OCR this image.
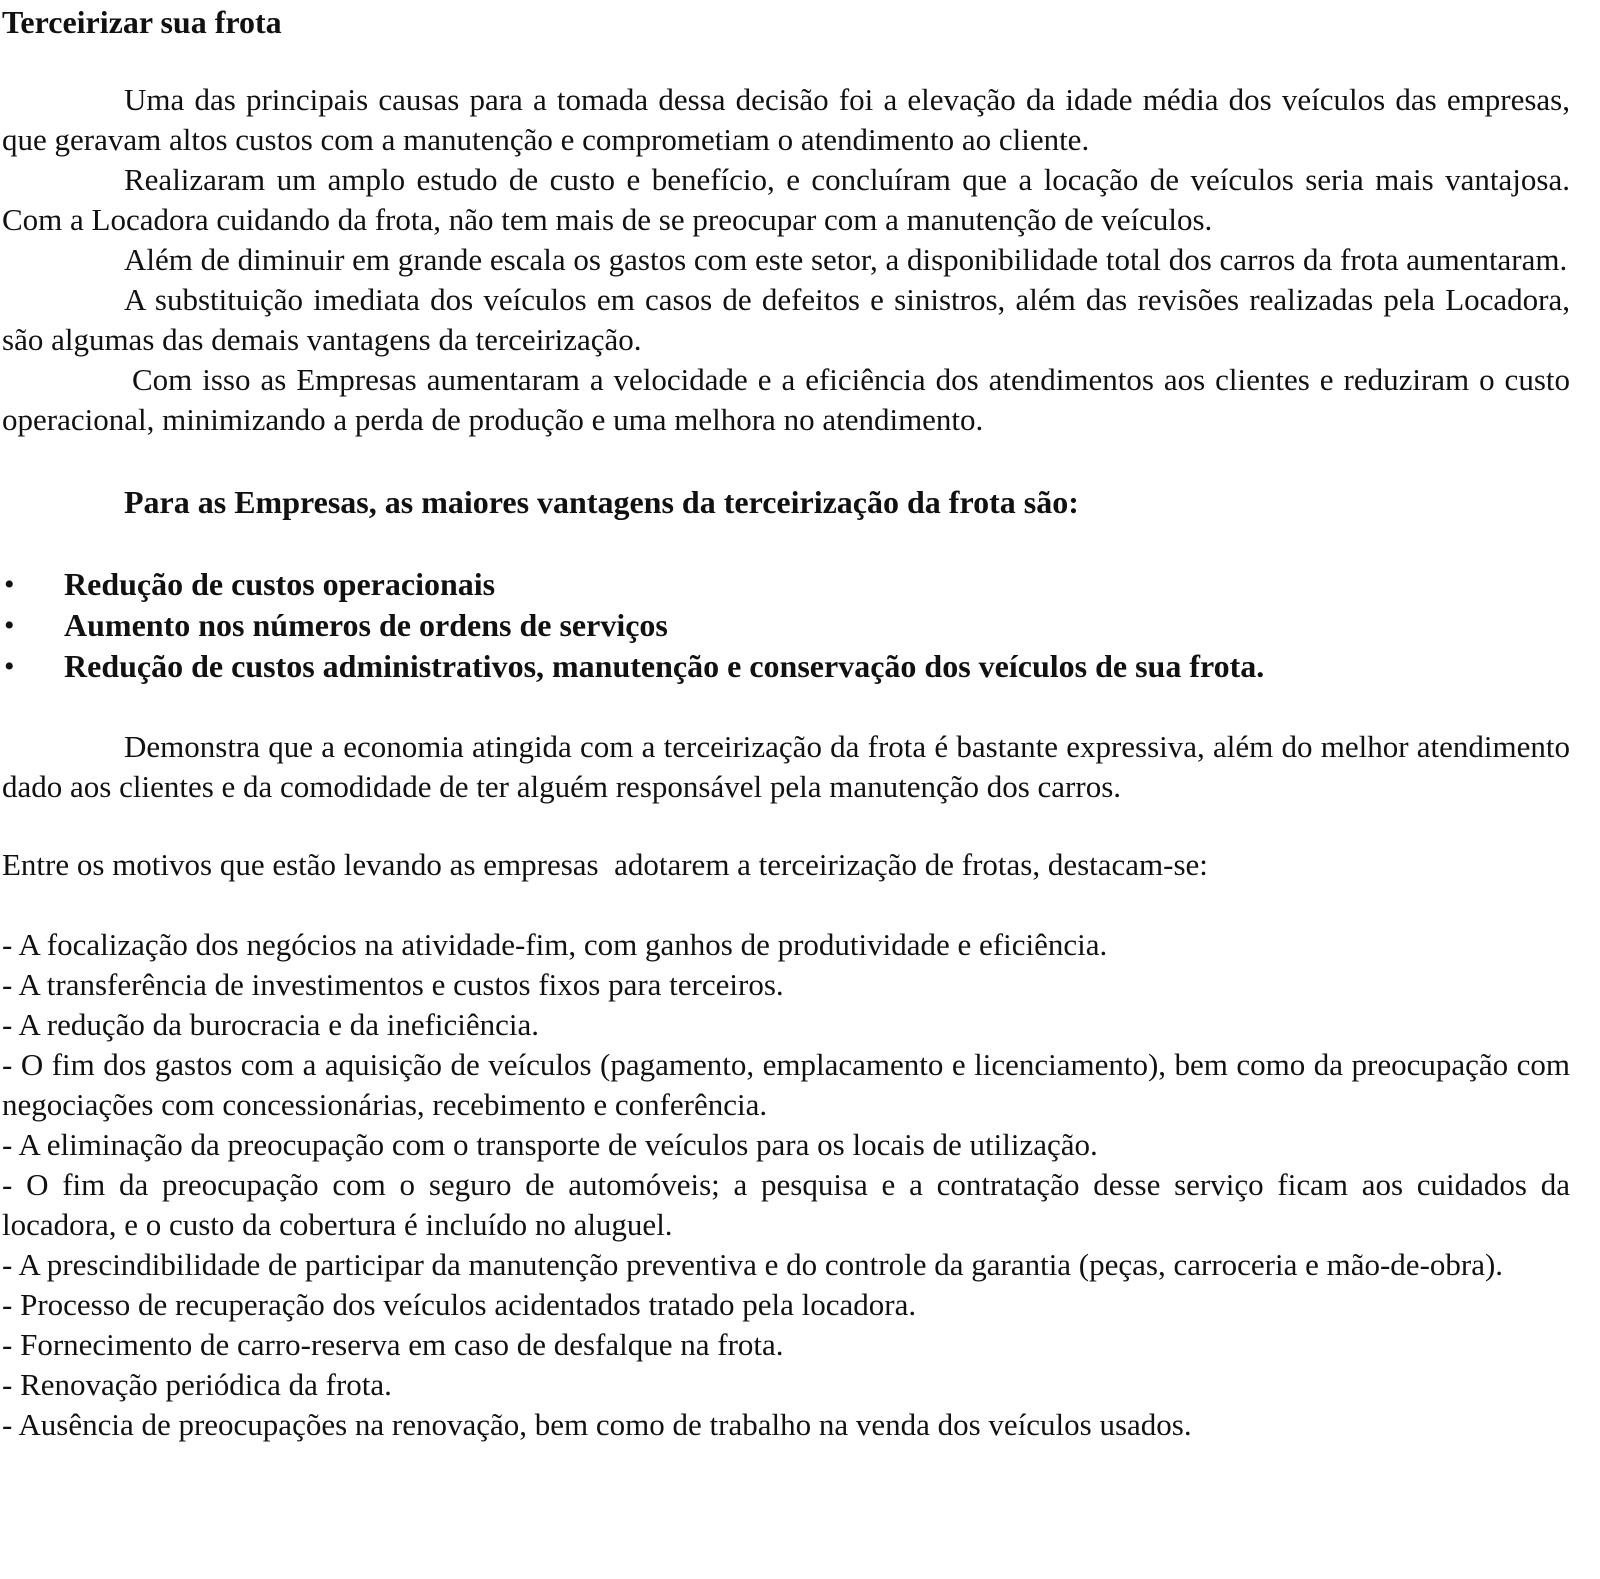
Terceirizar sua frota

Uma das principais causas para a tomada dessa decisão foi a elevação da idade média dos veículos das empresas, que geravam altos custos com a manutenção e comprometiam o atendimento ao cliente.

Realizaram um amplo estudo de custo e benefício, e concluíram que a locação de veículos seria mais vantajosa. Com a Locadora cuidando da frota, não tem mais de se preocupar com a manutenção de veículos.

Além de diminuir em grande escala os gastos com este setor, a disponibilidade total dos carros da frota aumentaram.

A substituição imediata dos veículos em casos de defeitos e sinistros, além das revisões realizadas pela Locadora, são algumas das demais vantagens da terceirização.

Com isso as Empresas aumentaram a velocidade e a eficiência dos atendimentos aos clientes e reduziram o custo operacional, minimizando a perda de produção e uma melhora no atendimento.

Para as Empresas, as maiores vantagens da terceirização da frota são:
• Redução de custos operacionais
• Aumento nos números de ordens de serviços
• Redução de custos administrativos, manutenção e conservação dos veículos de sua frota.

Demonstra que a economia atingida com a terceirização da frota é bastante expressiva, além do melhor atendimento dado aos clientes e da comodidade de ter alguém responsável pela manutenção dos carros.

Entre os motivos que estão levando as empresas  adotarem a terceirização de frotas, destacam-se:

- A focalização dos negócios na atividade-fim, com ganhos de produtividade e eficiência.

- A transferência de investimentos e custos fixos para terceiros.

- A redução da burocracia e da ineficiência.

- O fim dos gastos com a aquisição de veículos (pagamento, emplacamento e licenciamento), bem como da preocupação com negociações com concessionárias, recebimento e conferência.

- A eliminação da preocupação com o transporte de veículos para os locais de utilização.

- O fim da preocupação com o seguro de automóveis; a pesquisa e a contratação desse serviço ficam aos cuidados da locadora, e o custo da cobertura é incluído no aluguel.

- A prescindibilidade de participar da manutenção preventiva e do controle da garantia (peças, carroceria e mão-de-obra).

- Processo de recuperação dos veículos acidentados tratado pela locadora.

- Fornecimento de carro-reserva em caso de desfalque na frota.

- Renovação periódica da frota.

- Ausência de preocupações na renovação, bem como de trabalho na venda dos veículos usados.
